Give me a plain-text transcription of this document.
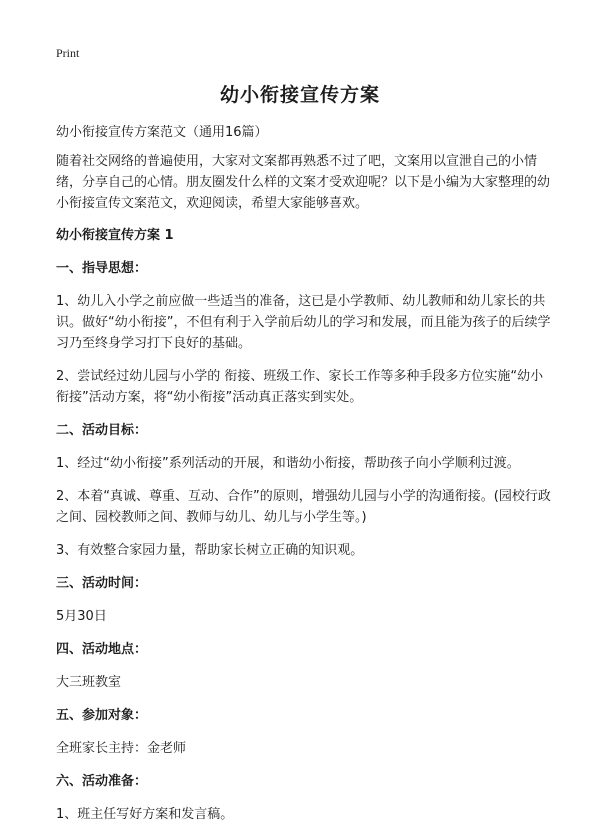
Print
幼小衔接宣传方案

幼小衔接宣传方案范文（通用16篇）

随着社交网络的普遍使用，大家对文案都再熟悉不过了吧，文案用以宣泄自己的小情绪，分享自己的心情。朋友圈发什么样的文案才受欢迎呢？以下是小编为大家整理的幼小衔接宣传文案范文，欢迎阅读，希望大家能够喜欢。

幼小衔接宣传方案 1
一、指导思想：

1、幼儿入小学之前应做一些适当的准备，这已是小学教师、幼儿教师和幼儿家长的共识。做好“幼小衔接”，不但有利于入学前后幼儿的学习和发展，而且能为孩子的后续学习乃至终身学习打下良好的基础。

2、尝试经过幼儿园与小学的 衔接、班级工作、家长工作等多种手段多方位实施“幼小衔接”活动方案，将“幼小衔接”活动真正落实到实处。

二、活动目标：

1、经过“幼小衔接”系列活动的开展，和谐幼小衔接，帮助孩子向小学顺利过渡。

2、本着“真诚、尊重、互动、合作”的原则，增强幼儿园与小学的沟通衔接。(园校行政之间、园校教师之间、教师与幼儿、幼儿与小学生等。)

3、有效整合家园力量，帮助家长树立正确的知识观。

三、活动时间：

5月30日

四、活动地点：

大三班教室

五、参加对象：

全班家长主持：金老师

六、活动准备：

1、班主任写好方案和发言稿。
